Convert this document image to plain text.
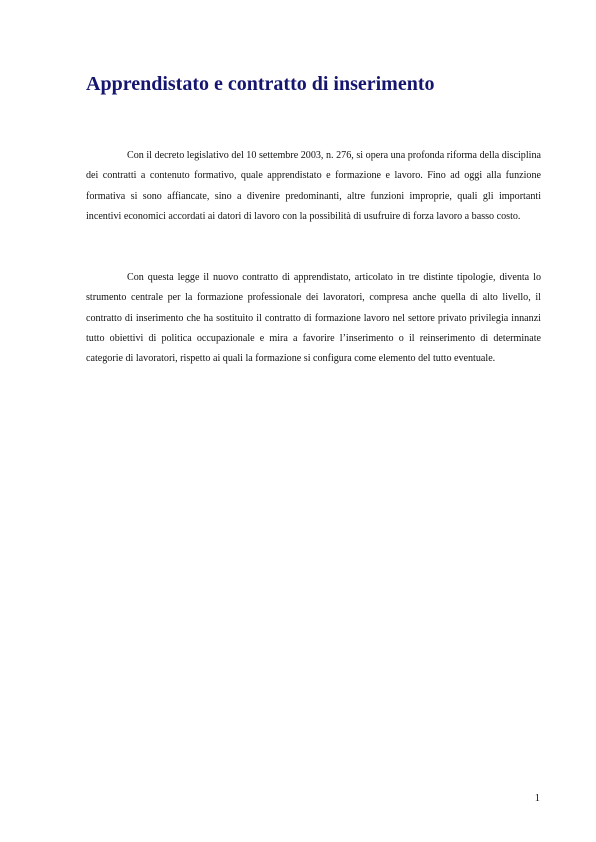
Apprendistato e contratto di inserimento

Con il decreto legislativo del 10 settembre 2003, n. 276, si opera una profonda riforma della disciplina dei contratti a contenuto formativo, quale apprendistato e formazione e lavoro. Fino ad oggi alla funzione formativa si sono affiancate, sino a divenire predominanti, altre funzioni improprie, quali gli importanti incentivi economici accordati ai datori di lavoro con la possibilità di usufruire di forza lavoro a basso costo.

Con questa legge il nuovo contratto di apprendistato, articolato in tre distinte tipologie, diventa lo strumento centrale per la formazione professionale dei lavoratori, compresa anche quella di alto livello, il contratto di inserimento che ha sostituito il contratto di formazione lavoro nel settore privato privilegia innanzi tutto obiettivi di politica occupazionale e mira a favorire l’inserimento o il reinserimento di determinate categorie di lavoratori, rispetto ai quali la formazione si configura come elemento del tutto eventuale.

1
